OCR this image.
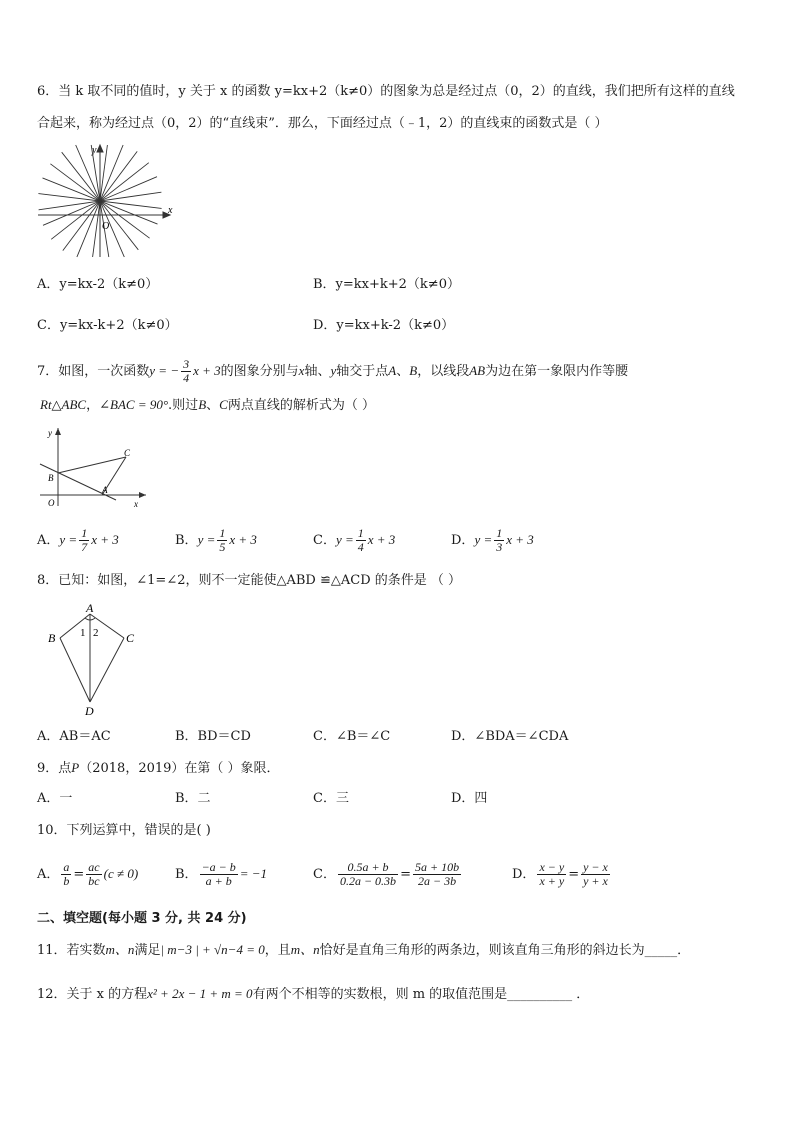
6．当 k 取不同的值时，y 关于 x 的函数 y=kx+2（k≠0）的图象为总是经过点（0，2）的直线，我们把所有这样的直线
合起来，称为经过点（0，2）的“直线束”．那么，下面经过点（﹣1，2）的直线束的函数式是（ ）
y
x
O
A．y=kx-2（k≠0）	B．y=kx+k+2（k≠0）
C．y=kx-k+2（k≠0）	D．y=kx+k-2（k≠0）
7．如图，一次函数y = − $\frac{3}{4}$ x + 3的图象分别与x轴、y轴交于点A、B，以线段AB为边在第一象限内作等腰
Rt△ABC，∠BAC = 90°.则过B、C两点直线的解析式为（ ）
y
x
O
A
B
C
A．$y = \frac{1}{7}$ x + 3	B．$y = \frac{1}{5}$ x + 3	C．$y = \frac{1}{4}$ x + 3	D．$y = \frac{1}{3}$ x + 3
8．已知：如图，∠1=∠2，则不一定能使△ABD ≌△ACD 的条件是 （ ）
A
B	C
D
1 2
A．AB＝AC	B．BD＝CD	C．∠B＝∠C	D．∠BDA＝∠CDA
9．点P（2018，2019）在第（ ）象限．
A．一	B．二	C．三	D．四
10．下列运算中，错误的是( )
A． $\frac{a}{b} = \frac{ac}{bc} (c \ne 0)$	B． $\frac{-a - b}{a + b} = -1$	C． $\frac{0.5a + b}{0.2a - 0.3b} = \frac{5a + 10b}{2a - 3b}$	D． $\frac{x - y}{x + y} = \frac{y - x}{y + x}$
二、填空题(每小题 3 分, 共 24 分)
11．若实数m、n满足| m−3 | + √n−4 = 0，且m、n恰好是直角三角形的两条边，则该直角三角形的斜边长为_____．
12．关于 x 的方程x² + 2x − 1 + m = 0有两个不相等的实数根，则 m 的取值范围是__________ ．
